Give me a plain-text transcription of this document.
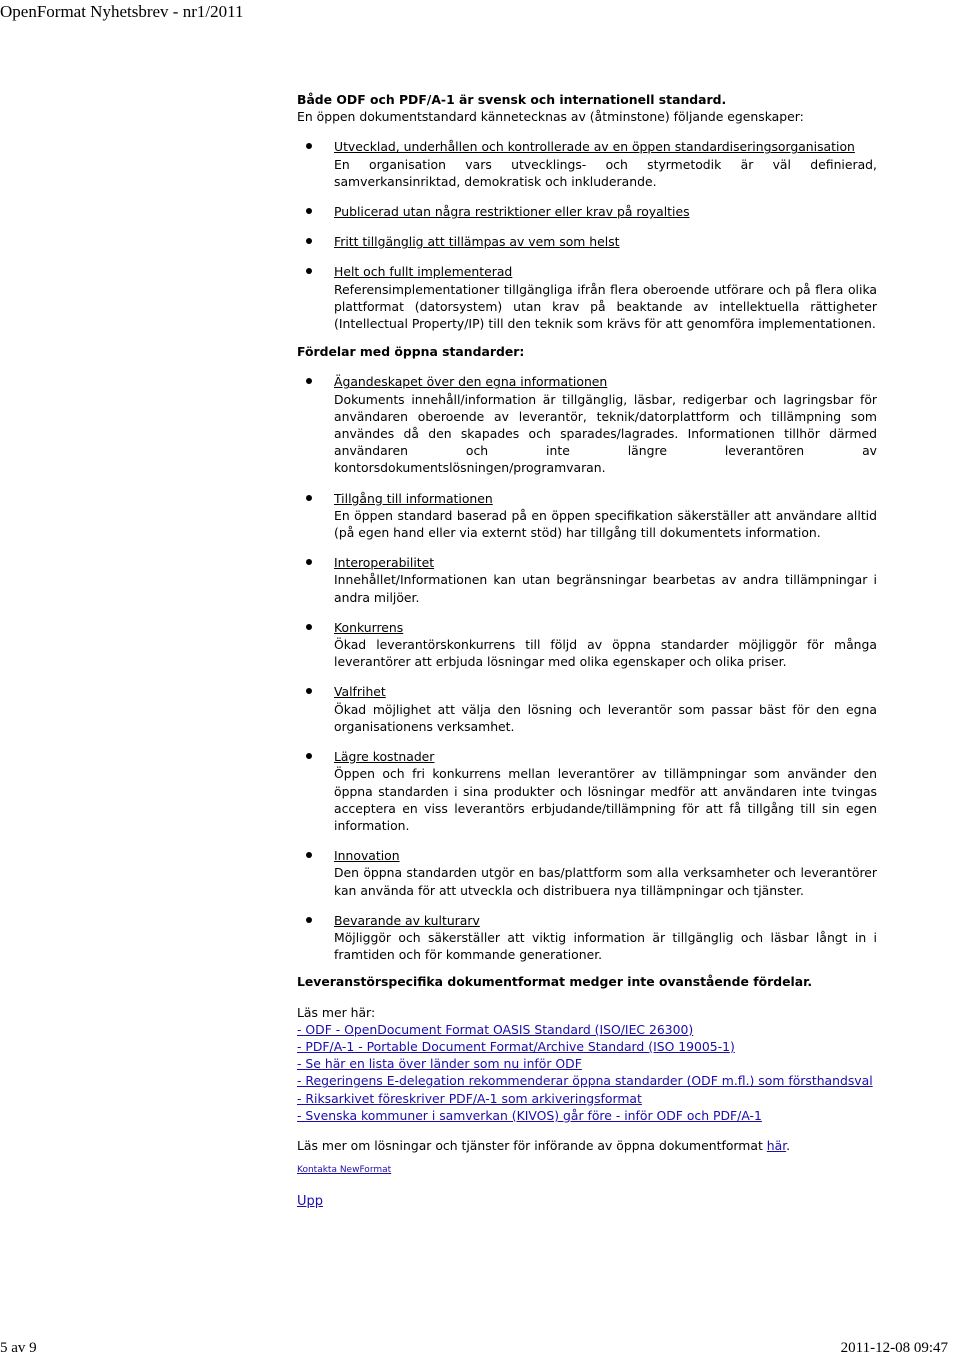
OpenFormat Nyhetsbrev - nr1/2011

Både ODF och PDF/A-1 är svensk och internationell standard.

En öppen dokumentstandard kännetecknas av (åtminstone) följande egenskaper:

Utvecklad, underhållen och kontrollerade av en öppen standardiseringsorganisation
En organisation vars utvecklings- och styrmetodik är väl definierad, samverkansinriktad, demokratisk och inkluderande.
Publicerad utan några restriktioner eller krav på royalties
Fritt tillgänglig att tillämpas av vem som helst
Helt och fullt implementerad
Referensimplementationer tillgängliga ifrån flera oberoende utförare och på flera olika plattformat (datorsystem) utan krav på beaktande av intellektuella rättigheter (Intellectual Property/IP) till den teknik som krävs för att genomföra implementationen.

Fördelar med öppna standarder:

Ägandeskapet över den egna informationen
Dokuments innehåll/information är tillgänglig, läsbar, redigerbar och lagringsbar för användaren oberoende av leverantör, teknik/datorplattform och tillämpning som användes då den skapades och sparades/lagrades. Informationen tillhör därmed användaren och inte längre leverantören av kontorsdokumentslösningen/programvaran.
Tillgång till informationen
En öppen standard baserad på en öppen specifikation säkerställer att användare alltid (på egen hand eller via externt stöd) har tillgång till dokumentets information.
Interoperabilitet
Innehållet/Informationen kan utan begränsningar bearbetas av andra tillämpningar i andra miljöer.
Konkurrens
Ökad leverantörskonkurrens till följd av öppna standarder möjliggör för många leverantörer att erbjuda lösningar med olika egenskaper och olika priser.
Valfrihet
Ökad möjlighet att välja den lösning och leverantör som passar bäst för den egna organisationens verksamhet.
Lägre kostnader
Öppen och fri konkurrens mellan leverantörer av tillämpningar som använder den öppna standarden i sina produkter och lösningar medför att användaren inte tvingas acceptera en viss leverantörs erbjudande/tillämpning för att få tillgång till sin egen information.
Innovation
Den öppna standarden utgör en bas/plattform som alla verksamheter och leverantörer kan använda för att utveckla och distribuera nya tillämpningar och tjänster.
Bevarande av kulturarv
Möjliggör och säkerställer att viktig information är tillgänglig och läsbar långt in i framtiden och för kommande generationer.

Leveranstörspecifika dokumentformat medger inte ovanstående fördelar.

Läs mer här:

- ODF - OpenDocument Format OASIS Standard (ISO/IEC 26300)
- PDF/A-1 - Portable Document Format/Archive Standard (ISO 19005-1)
- Se här en lista över länder som nu inför ODF
- Regeringens E-delegation rekommenderar öppna standarder (ODF m.fl.) som försthandsval
- Riksarkivet föreskriver PDF/A-1 som arkiveringsformat
- Svenska kommuner i samverkan (KIVOS) går före - inför ODF och PDF/A-1

Läs mer om lösningar och tjänster för införande av öppna dokumentformat här.

Kontakta NewFormat

Upp

5 av 9	2011-12-08 09:47
